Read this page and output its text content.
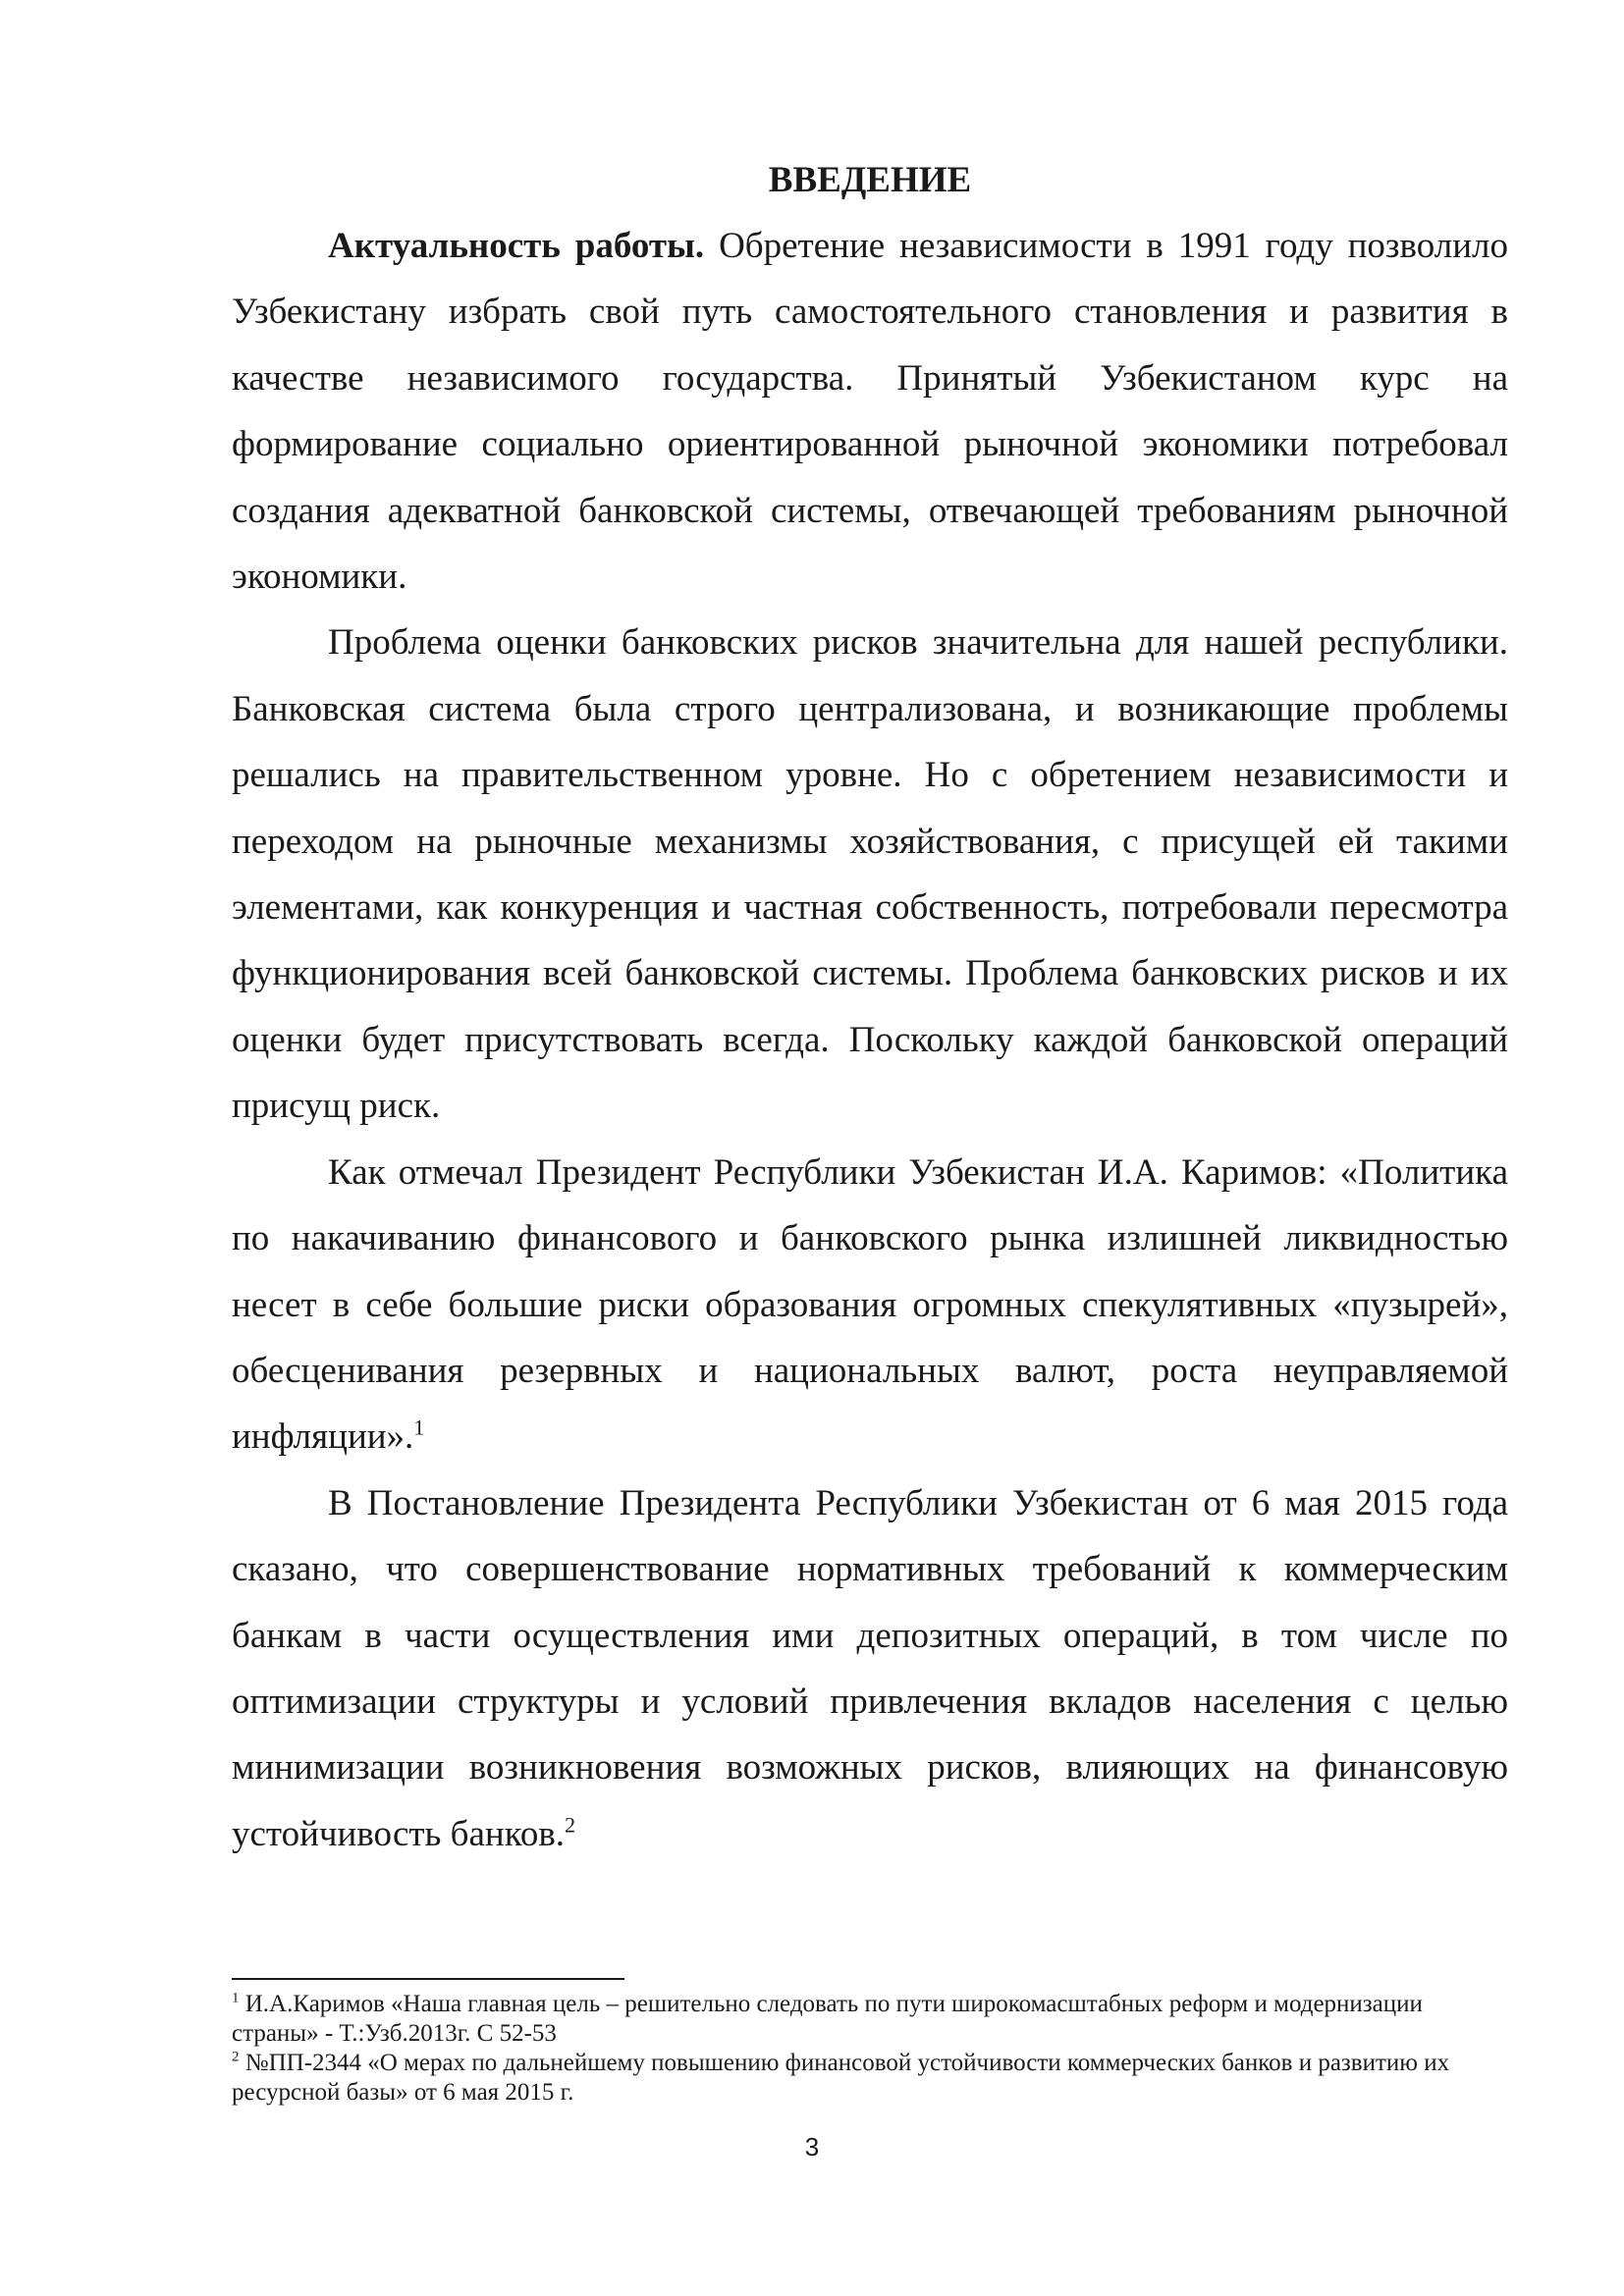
ВВЕДЕНИЕ

Актуальность работы. Обретение независимости в 1991 году позволило Узбекистану избрать свой путь самостоятельного становления и развития в качестве независимого государства. Принятый Узбекистаном курс на формирование социально ориентированной рыночной экономики потребовал создания адекватной банковской системы, отвечающей требованиям рыночной экономики.

Проблема оценки банковских рисков значительна для нашей республики. Банковская система была строго централизована, и возникающие проблемы решались на правительственном уровне. Но с обретением независимости и переходом на рыночные механизмы хозяйствования, с присущей ей такими элементами, как конкуренция и частная собственность, потребовали пересмотра функционирования всей банковской системы. Проблема банковских рисков и их оценки будет присутствовать всегда. Поскольку каждой банковской операций присущ риск.

Как отмечал Президент Республики Узбекистан И.А. Каримов: «Политика по накачиванию финансового и банковского рынка излишней ликвидностью несет в себе большие риски образования огромных спекулятивных «пузырей», обесценивания резервных и национальных валют, роста неуправляемой инфляции».$^1$

В Постановление Президента Республики Узбекистан от 6 мая 2015 года сказано, что совершенствование нормативных требований к коммерческим банкам в части осуществления ими депозитных операций, в том числе по оптимизации структуры и условий привлечения вкладов населения с целью минимизации возникновения возможных рисков, влияющих на финансовую устойчивость банков.$^2$

$^1$ И.А.Каримов «Наша главная цель – решительно следовать по пути широкомасштабных реформ и модернизации страны» - Т.:Узб.2013г. С 52-53

$^2$ №ПП-2344 «О мерах по дальнейшему повышению финансовой устойчивости коммерческих банков и развитию их ресурсной базы» от 6 мая 2015 г.

3
